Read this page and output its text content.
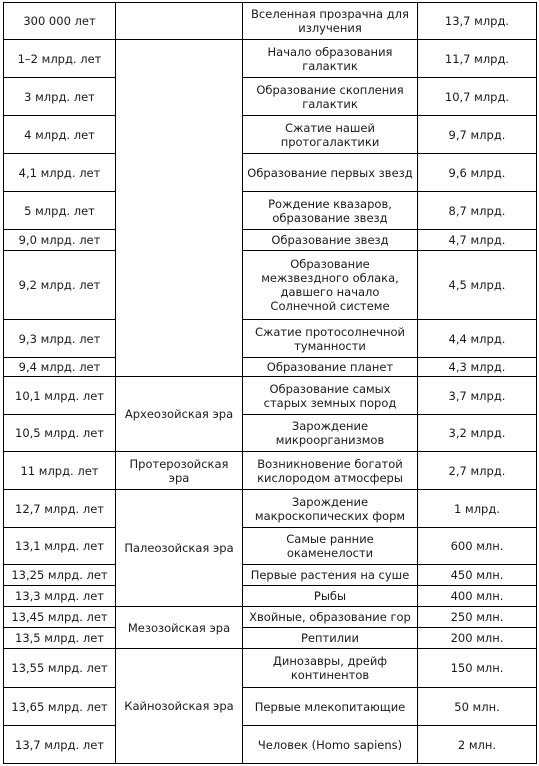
300 000 лет		Вселенная прозрачна для излучения	13,7 млрд.
1–2 млрд. лет		Начало образования галактик	11,7 млрд.
3 млрд. лет		Образование скопления галактик	10,7 млрд.
4 млрд. лет		Сжатие нашей протогалактики	9,7 млрд.
4,1 млрд. лет		Образование первых звезд	9,6 млрд.
5 млрд. лет		Рождение квазаров, образование звезд	8,7 млрд.
9,0 млрд. лет		Образование звезд	4,7 млрд.
9,2 млрд. лет		Образование межзвездного облака, давшего начало Солнечной системе	4,5 млрд.
9,3 млрд. лет		Сжатие протосолнечной туманности	4,4 млрд.
9,4 млрд. лет		Образование планет	4,3 млрд.
10,1 млрд. лет	Археозойская эра	Образование самых старых земных пород	3,7 млрд.
10,5 млрд. лет		Зарождение микроорганизмов	3,2 млрд.
11 млрд. лет	Протерозойская эра	Возникновение богатой кислородом атмосферы	2,7 млрд.
12,7 млрд. лет	Палеозойская эра	Зарождение макроскопических форм	1 млрд.
13,1 млрд. лет		Самые ранние окаменелости	600 млн.
13,25 млрд. лет		Первые растения на суше	450 млн.
13,3 млрд. лет		Рыбы	400 млн.
13,45 млрд. лет	Мезозойская эра	Хвойные, образование гор	250 млн.
13,5 млрд. лет		Рептилии	200 млн.
13,55 млрд. лет	Кайнозойская эра	Динозавры, дрейф континентов	150 млн.
13,65 млрд. лет		Первые млекопитающие	50 млн.
13,7 млрд. лет		Человек (Homo sapiens)	2 млн.
